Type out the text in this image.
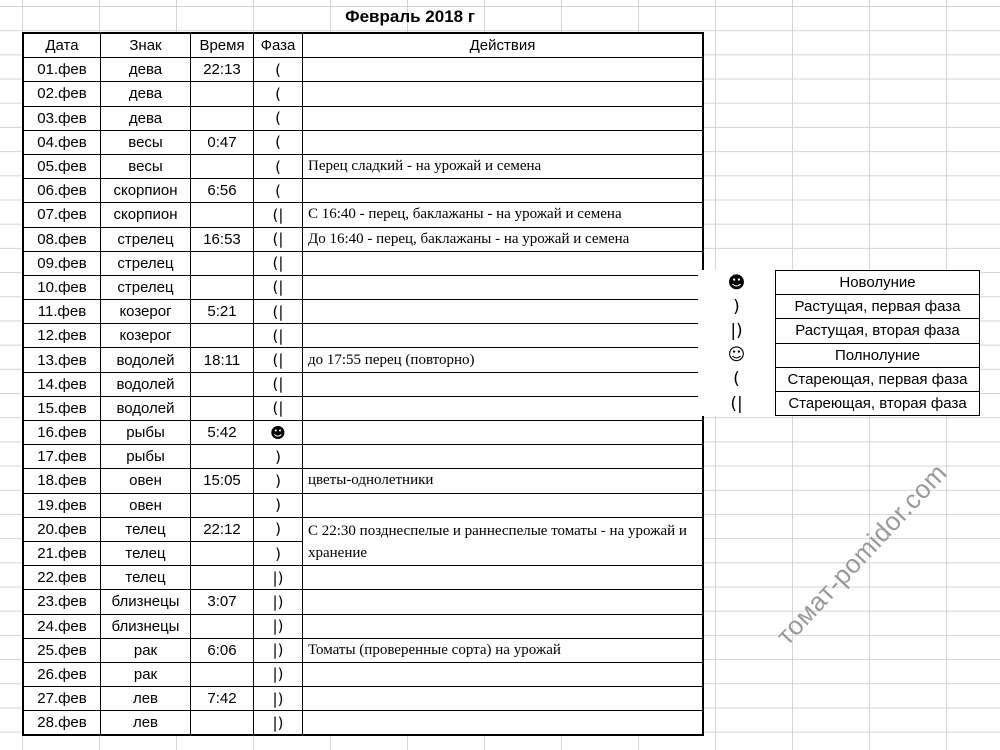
Февраль 2018 г
Дата	Знак	Время	Фаза	Действия
01.фев	дева	22:13	(	
02.фев	дева		(	
03.фев	дева		(	
04.фев	весы	0:47	(	
05.фев	весы		(	Перец сладкий - на урожай и семена
06.фев	скорпион	6:56	(	
07.фев	скорпион		(|	С 16:40 - перец, баклажаны - на урожай и семена
08.фев	стрелец	16:53	(|	До 16:40 - перец, баклажаны - на урожай и семена
09.фев	стрелец		(|	
10.фев	стрелец		(|	
11.фев	козерог	5:21	(|	
12.фев	козерог		(|	
13.фев	водолей	18:11	(|	до 17:55 перец (повторно)
14.фев	водолей		(|	
15.фев	водолей		(|	
16.фев	рыбы	5:42	☻	
17.фев	рыбы		)	
18.фев	овен	15:05	)	цветы-однолетники
19.фев	овен		)	
20.фев	телец	22:12	)	С 22:30 позднеспелые и раннеспелые томаты - на урожай и хранение
21.фев	телец		)	
22.фев	телец		|)	
23.фев	близнецы	3:07	|)	
24.фев	близнецы		|)	
25.фев	рак	6:06	|)	Томаты (проверенные сорта) на урожай
26.фев	рак		|)	
27.фев	лев	7:42	|)	
28.фев	лев		|)	
☻	Новолуние
)	Растущая, первая фаза
|)	Растущая, вторая фаза
☺	Полнолуние
(	Стареющая, первая фаза
(|	Стареющая, вторая фаза
томат-pomidor.com
